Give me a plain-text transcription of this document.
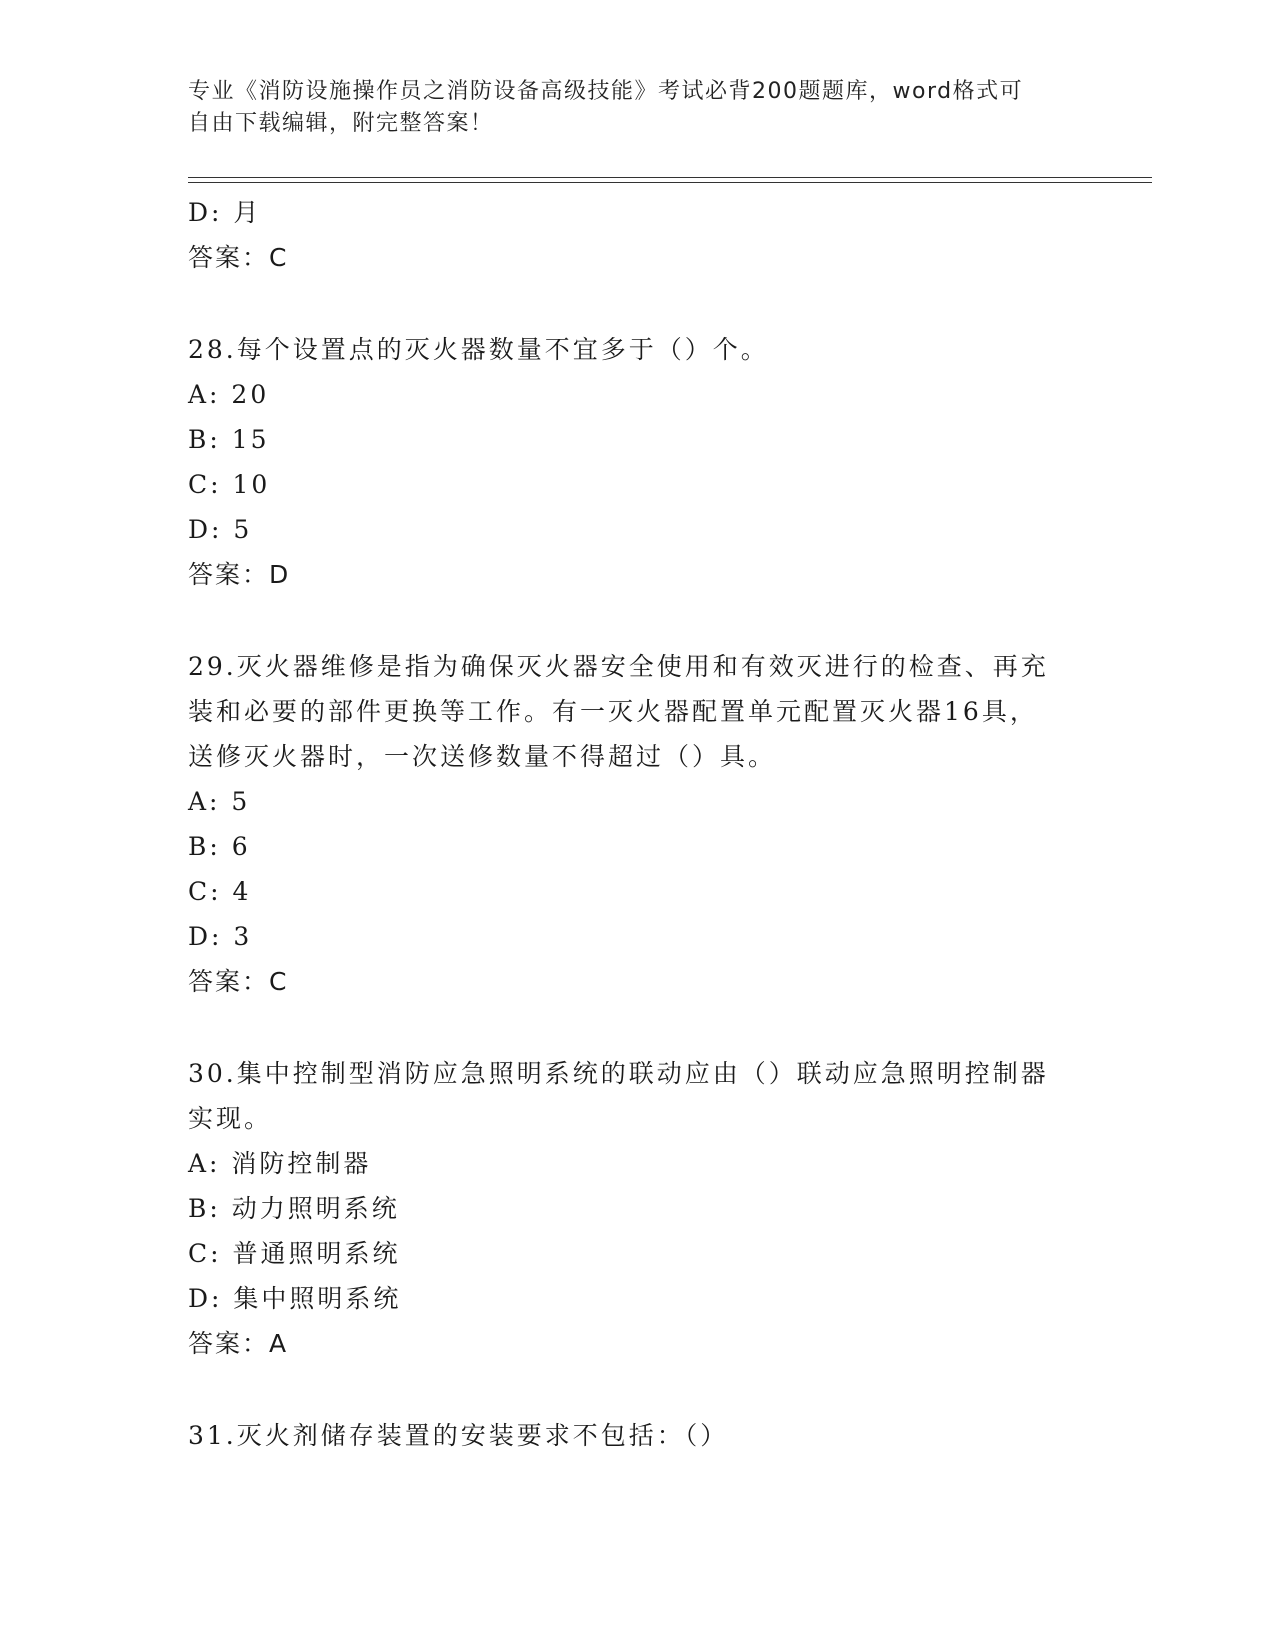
专业《消防设施操作员之消防设备高级技能》考试必背200题题库，word格式可
自由下载编辑，附完整答案！
D: 月
答案：C
28.每个设置点的灭火器数量不宜多于（）个。
A: 20
B: 15
C: 10
D: 5
答案：D
29.灭火器维修是指为确保灭火器安全使用和有效灭进行的检查、再充
装和必要的部件更换等工作。有一灭火器配置单元配置灭火器16具，
送修灭火器时，一次送修数量不得超过（）具。
A: 5
B: 6
C: 4
D: 3
答案：C
30.集中控制型消防应急照明系统的联动应由（）联动应急照明控制器
实现。
A: 消防控制器
B: 动力照明系统
C: 普通照明系统
D: 集中照明系统
答案：A
31.灭火剂储存装置的安装要求不包括：（）
